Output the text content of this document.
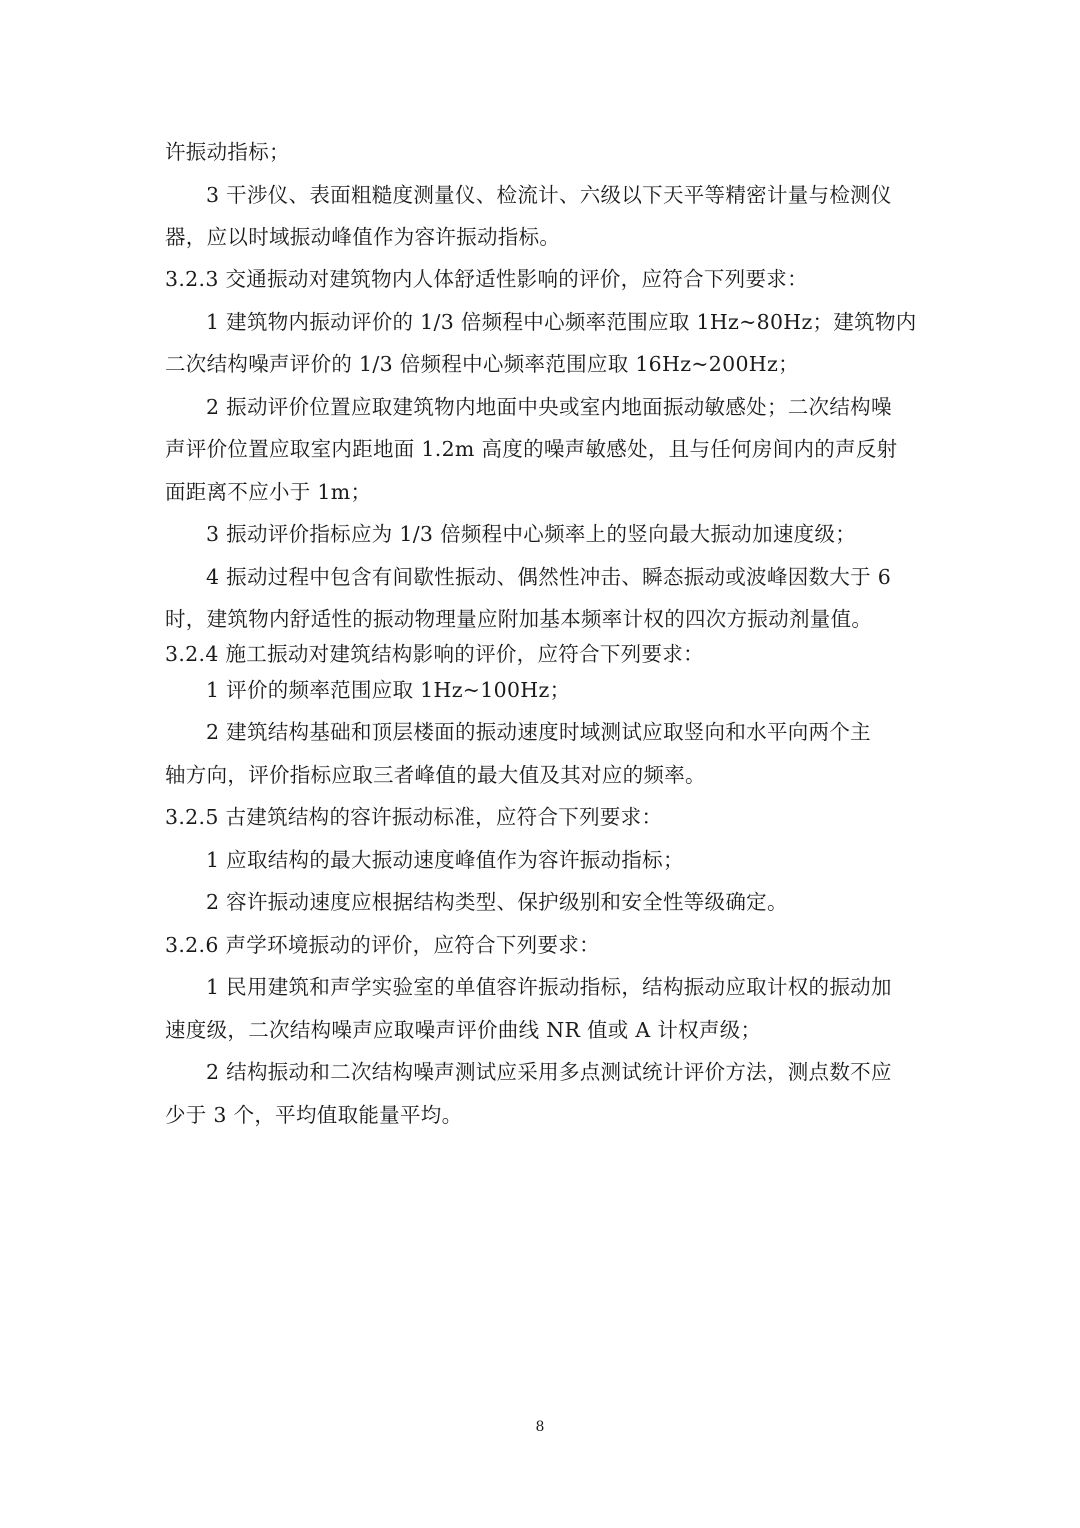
许振动指标；
3 干涉仪、表面粗糙度测量仪、检流计、六级以下天平等精密计量与检测仪
器，应以时域振动峰值作为容许振动指标。
3.2.3 交通振动对建筑物内人体舒适性影响的评价，应符合下列要求：
1 建筑物内振动评价的 1/3 倍频程中心频率范围应取 1Hz~80Hz；建筑物内
二次结构噪声评价的 1/3 倍频程中心频率范围应取 16Hz~200Hz；
2 振动评价位置应取建筑物内地面中央或室内地面振动敏感处；二次结构噪
声评价位置应取室内距地面 1.2m 高度的噪声敏感处，且与任何房间内的声反射
面距离不应小于 1m；
3 振动评价指标应为 1/3 倍频程中心频率上的竖向最大振动加速度级；
4 振动过程中包含有间歇性振动、偶然性冲击、瞬态振动或波峰因数大于 6
时，建筑物内舒适性的振动物理量应附加基本频率计权的四次方振动剂量值。
3.2.4 施工振动对建筑结构影响的评价，应符合下列要求：
1 评价的频率范围应取 1Hz~100Hz；
2 建筑结构基础和顶层楼面的振动速度时域测试应取竖向和水平向两个主
轴方向，评价指标应取三者峰值的最大值及其对应的频率。
3.2.5 古建筑结构的容许振动标准，应符合下列要求：
1 应取结构的最大振动速度峰值作为容许振动指标；
2 容许振动速度应根据结构类型、保护级别和安全性等级确定。
3.2.6 声学环境振动的评价，应符合下列要求：
1 民用建筑和声学实验室的单值容许振动指标，结构振动应取计权的振动加
速度级，二次结构噪声应取噪声评价曲线 NR 值或 A 计权声级；
2 结构振动和二次结构噪声测试应采用多点测试统计评价方法，测点数不应
少于 3 个，平均值取能量平均。
8
